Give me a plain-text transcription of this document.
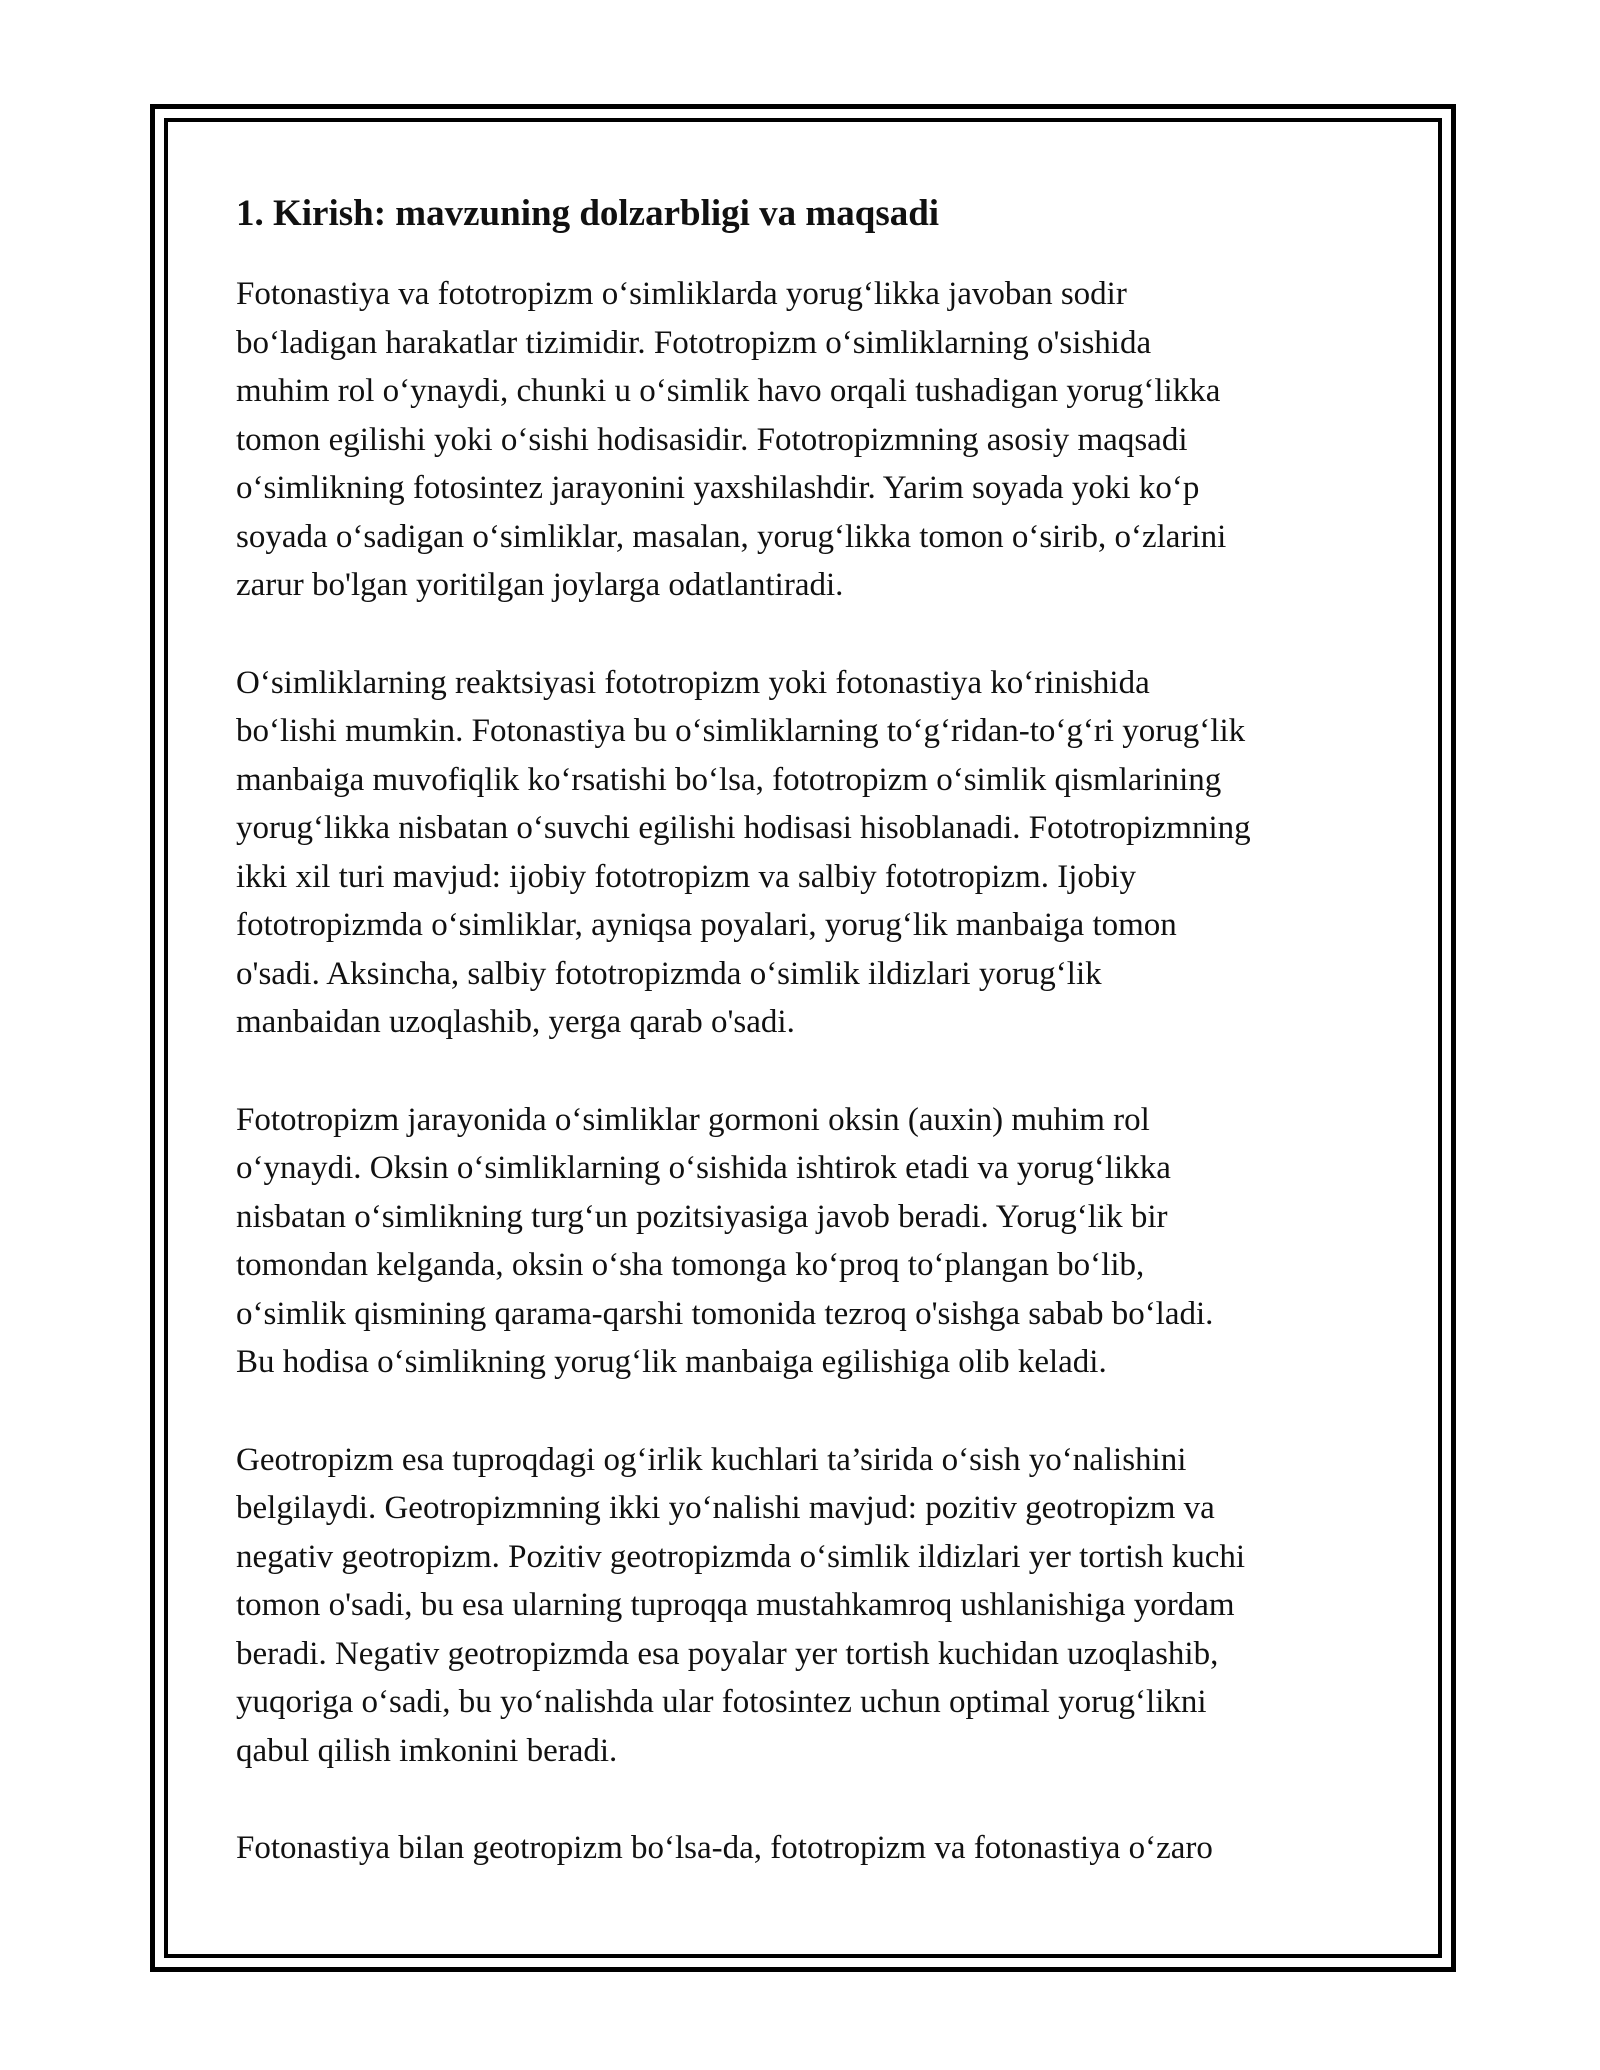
1. Kirish: mavzuning dolzarbligi va maqsadi

Fotonastiya va fototropizm o‘simliklarda yorug‘likka javoban sodir
bo‘ladigan harakatlar tizimidir. Fototropizm o‘simliklarning o'sishida
muhim rol o‘ynaydi, chunki u o‘simlik havo orqali tushadigan yorug‘likka
tomon egilishi yoki o‘sishi hodisasidir. Fototropizmning asosiy maqsadi
o‘simlikning fotosintez jarayonini yaxshilashdir. Yarim soyada yoki ko‘p
soyada o‘sadigan o‘simliklar, masalan, yorug‘likka tomon o‘sirib, o‘zlarini
zarur bo'lgan yoritilgan joylarga odatlantiradi.

O‘simliklarning reaktsiyasi fototropizm yoki fotonastiya ko‘rinishida
bo‘lishi mumkin. Fotonastiya bu o‘simliklarning to‘g‘ridan-to‘g‘ri yorug‘lik
manbaiga muvofiqlik ko‘rsatishi bo‘lsa, fototropizm o‘simlik qismlarining
yorug‘likka nisbatan o‘suvchi egilishi hodisasi hisoblanadi. Fototropizmning
ikki xil turi mavjud: ijobiy fototropizm va salbiy fototropizm. Ijobiy
fototropizmda o‘simliklar, ayniqsa poyalari, yorug‘lik manbaiga tomon
o'sadi. Aksincha, salbiy fototropizmda o‘simlik ildizlari yorug‘lik
manbaidan uzoqlashib, yerga qarab o'sadi.

Fototropizm jarayonida o‘simliklar gormoni oksin (auxin) muhim rol
o‘ynaydi. Oksin o‘simliklarning o‘sishida ishtirok etadi va yorug‘likka
nisbatan o‘simlikning turg‘un pozitsiyasiga javob beradi. Yorug‘lik bir
tomondan kelganda, oksin o‘sha tomonga ko‘proq to‘plangan bo‘lib,
o‘simlik qismining qarama-qarshi tomonida tezroq o'sishga sabab bo‘ladi.
Bu hodisa o‘simlikning yorug‘lik manbaiga egilishiga olib keladi.

Geotropizm esa tuproqdagi og‘irlik kuchlari ta’sirida o‘sish yo‘nalishini
belgilaydi. Geotropizmning ikki yo‘nalishi mavjud: pozitiv geotropizm va
negativ geotropizm. Pozitiv geotropizmda o‘simlik ildizlari yer tortish kuchi
tomon o'sadi, bu esa ularning tuproqqa mustahkamroq ushlanishiga yordam
beradi. Negativ geotropizmda esa poyalar yer tortish kuchidan uzoqlashib,
yuqoriga o‘sadi, bu yo‘nalishda ular fotosintez uchun optimal yorug‘likni
qabul qilish imkonini beradi.

Fotonastiya bilan geotropizm bo‘lsa-da, fototropizm va fotonastiya o‘zaro
